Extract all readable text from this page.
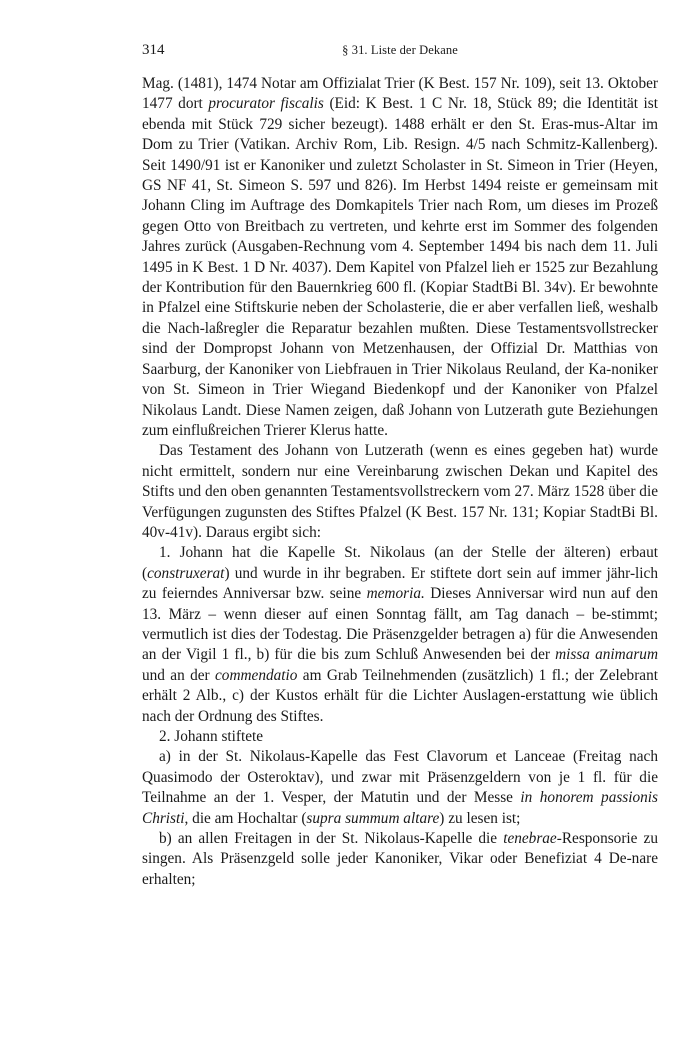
314	§ 31. Liste der Dekane

Mag. (1481), 1474 Notar am Offizialat Trier (K Best. 157 Nr. 109), seit 13. Oktober 1477 dort procurator fiscalis (Eid: K Best. 1 C Nr. 18, Stück 89; die Identität ist ebenda mit Stück 729 sicher bezeugt). 1488 erhält er den St. Eras-mus-Altar im Dom zu Trier (Vatikan. Archiv Rom, Lib. Resign. 4/5 nach Schmitz-Kallenberg). Seit 1490/91 ist er Kanoniker und zuletzt Scholaster in St. Simeon in Trier (Heyen, GS NF 41, St. Simeon S. 597 und 826). Im Herbst 1494 reiste er gemeinsam mit Johann Cling im Auftrage des Domkapitels Trier nach Rom, um dieses im Prozeß gegen Otto von Breitbach zu vertreten, und kehrte erst im Sommer des folgenden Jahres zurück (Ausgaben-Rechnung vom 4. September 1494 bis nach dem 11. Juli 1495 in K Best. 1 D Nr. 4037). Dem Kapitel von Pfalzel lieh er 1525 zur Bezahlung der Kontribution für den Bauernkrieg 600 fl. (Kopiar StadtBi Bl. 34v). Er bewohnte in Pfalzel eine Stiftskurie neben der Scholasterie, die er aber verfallen ließ, weshalb die Nach-laßregler die Reparatur bezahlen mußten. Diese Testamentsvollstrecker sind der Dompropst Johann von Metzenhausen, der Offizial Dr. Matthias von Saarburg, der Kanoniker von Liebfrauen in Trier Nikolaus Reuland, der Ka-noniker von St. Simeon in Trier Wiegand Biedenkopf und der Kanoniker von Pfalzel Nikolaus Landt. Diese Namen zeigen, daß Johann von Lutzerath gute Beziehungen zum einflußreichen Trierer Klerus hatte.

Das Testament des Johann von Lutzerath (wenn es eines gegeben hat) wurde nicht ermittelt, sondern nur eine Vereinbarung zwischen Dekan und Kapitel des Stifts und den oben genannten Testamentsvollstreckern vom 27. März 1528 über die Verfügungen zugunsten des Stiftes Pfalzel (K Best. 157 Nr. 131; Kopiar StadtBi Bl. 40v-41v). Daraus ergibt sich:

1. Johann hat die Kapelle St. Nikolaus (an der Stelle der älteren) erbaut (construxerat) und wurde in ihr begraben. Er stiftete dort sein auf immer jähr-lich zu feierndes Anniversar bzw. seine memoria. Dieses Anniversar wird nun auf den 13. März – wenn dieser auf einen Sonntag fällt, am Tag danach – be-stimmt; vermutlich ist dies der Todestag. Die Präsenzgelder betragen a) für die Anwesenden an der Vigil 1 fl., b) für die bis zum Schluß Anwesenden bei der missa animarum und an der commendatio am Grab Teilnehmenden (zusätzlich) 1 fl.; der Zelebrant erhält 2 Alb., c) der Kustos erhält für die Lichter Auslagen-erstattung wie üblich nach der Ordnung des Stiftes.

2. Johann stiftete

a) in der St. Nikolaus-Kapelle das Fest Clavorum et Lanceae (Freitag nach Quasimodo der Osteroktav), und zwar mit Präsenzgeldern von je 1 fl. für die Teilnahme an der 1. Vesper, der Matutin und der Messe in honorem passionis Christi, die am Hochaltar (supra summum altare) zu lesen ist;

b) an allen Freitagen in der St. Nikolaus-Kapelle die tenebrae-Responsorie zu singen. Als Präsenzgeld solle jeder Kanoniker, Vikar oder Benefiziat 4 De-nare erhalten;
